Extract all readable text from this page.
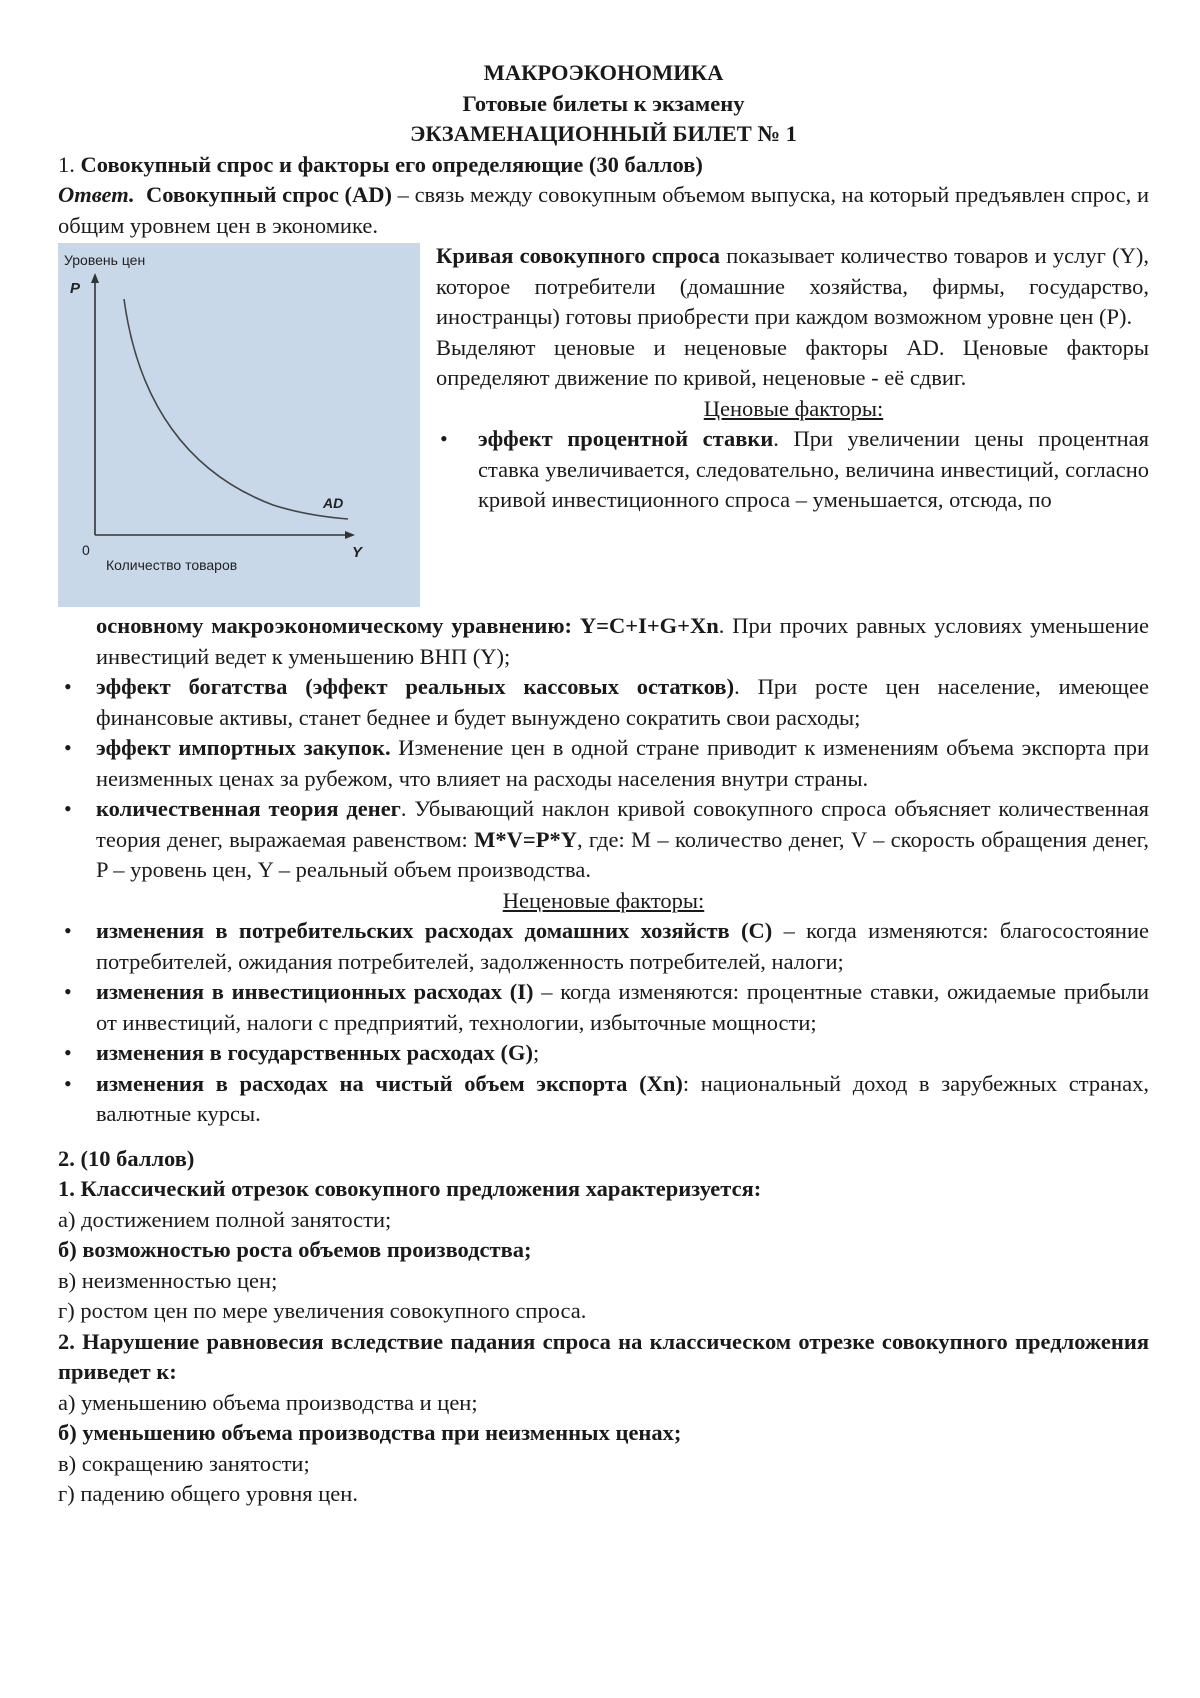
МАКРОЭКОНОМИКА

Готовые билеты к экзамену

ЭКЗАМЕНАЦИОННЫЙ БИЛЕТ № 1

1. Совокупный спрос и факторы его определяющие (30 баллов)

Ответ. Совокупный спрос (AD) – связь между совокупным объемом выпуска, на который предъявлен спрос, и общим уровнем цен в экономике.

Уровень цен
P
0	Y
Количество товаров
AD

Кривая совокупного спроса показывает количество товаров и услуг (Y), которое потребители (домашние хозяйства, фирмы, государство, иностранцы) готовы приобрести при каждом возможном уровне цен (P).

Выделяют ценовые и неценовые факторы AD. Ценовые факторы определяют движение по кривой, неценовые - её сдвиг.

Ценовые факторы:

• эффект процентной ставки. При увеличении цены процентная ставка увеличивается, следовательно, величина инвестиций, согласно кривой инвестиционного спроса – уменьшается, отсюда, по

основному макроэкономическому уравнению: Y=C+I+G+Xn. При прочих равных условиях уменьшение инвестиций ведет к уменьшению ВНП (Y);

• эффект богатства (эффект реальных кассовых остатков). При росте цен население, имеющее финансовые активы, станет беднее и будет вынуждено сократить свои расходы;
• эффект импортных закупок. Изменение цен в одной стране приводит к изменениям объема экспорта при неизменных ценах за рубежом, что влияет на расходы населения внутри страны.
• количественная теория денег. Убывающий наклон кривой совокупного спроса объясняет количественная теория денег, выражаемая равенством: M*V=P*Y, где: M – количество денег, V – скорость обращения денег, P – уровень цен, Y – реальный объем производства.

Неценовые факторы:

• изменения в потребительских расходах домашних хозяйств (C) – когда изменяются: благосостояние потребителей, ожидания потребителей, задолженность потребителей, налоги;
• изменения в инвестиционных расходах (I) – когда изменяются: процентные ставки, ожидаемые прибыли от инвестиций, налоги с предприятий, технологии, избыточные мощности;
• изменения в государственных расходах (G);
• изменения в расходах на чистый объем экспорта (Xn): национальный доход в зарубежных странах, валютные курсы.

2. (10 баллов)

1. Классический отрезок совокупного предложения характеризуется:

а) достижением полной занятости;

б) возможностью роста объемов производства;

в) неизменностью цен;

г) ростом цен по мере увеличения совокупного спроса.

2. Нарушение равновесия вследствие падания спроса на классическом отрезке совокупного предложения приведет к:

а) уменьшению объема производства и цен;

б) уменьшению объема производства при неизменных ценах;

в) сокращению занятости;

г) падению общего уровня цен.
